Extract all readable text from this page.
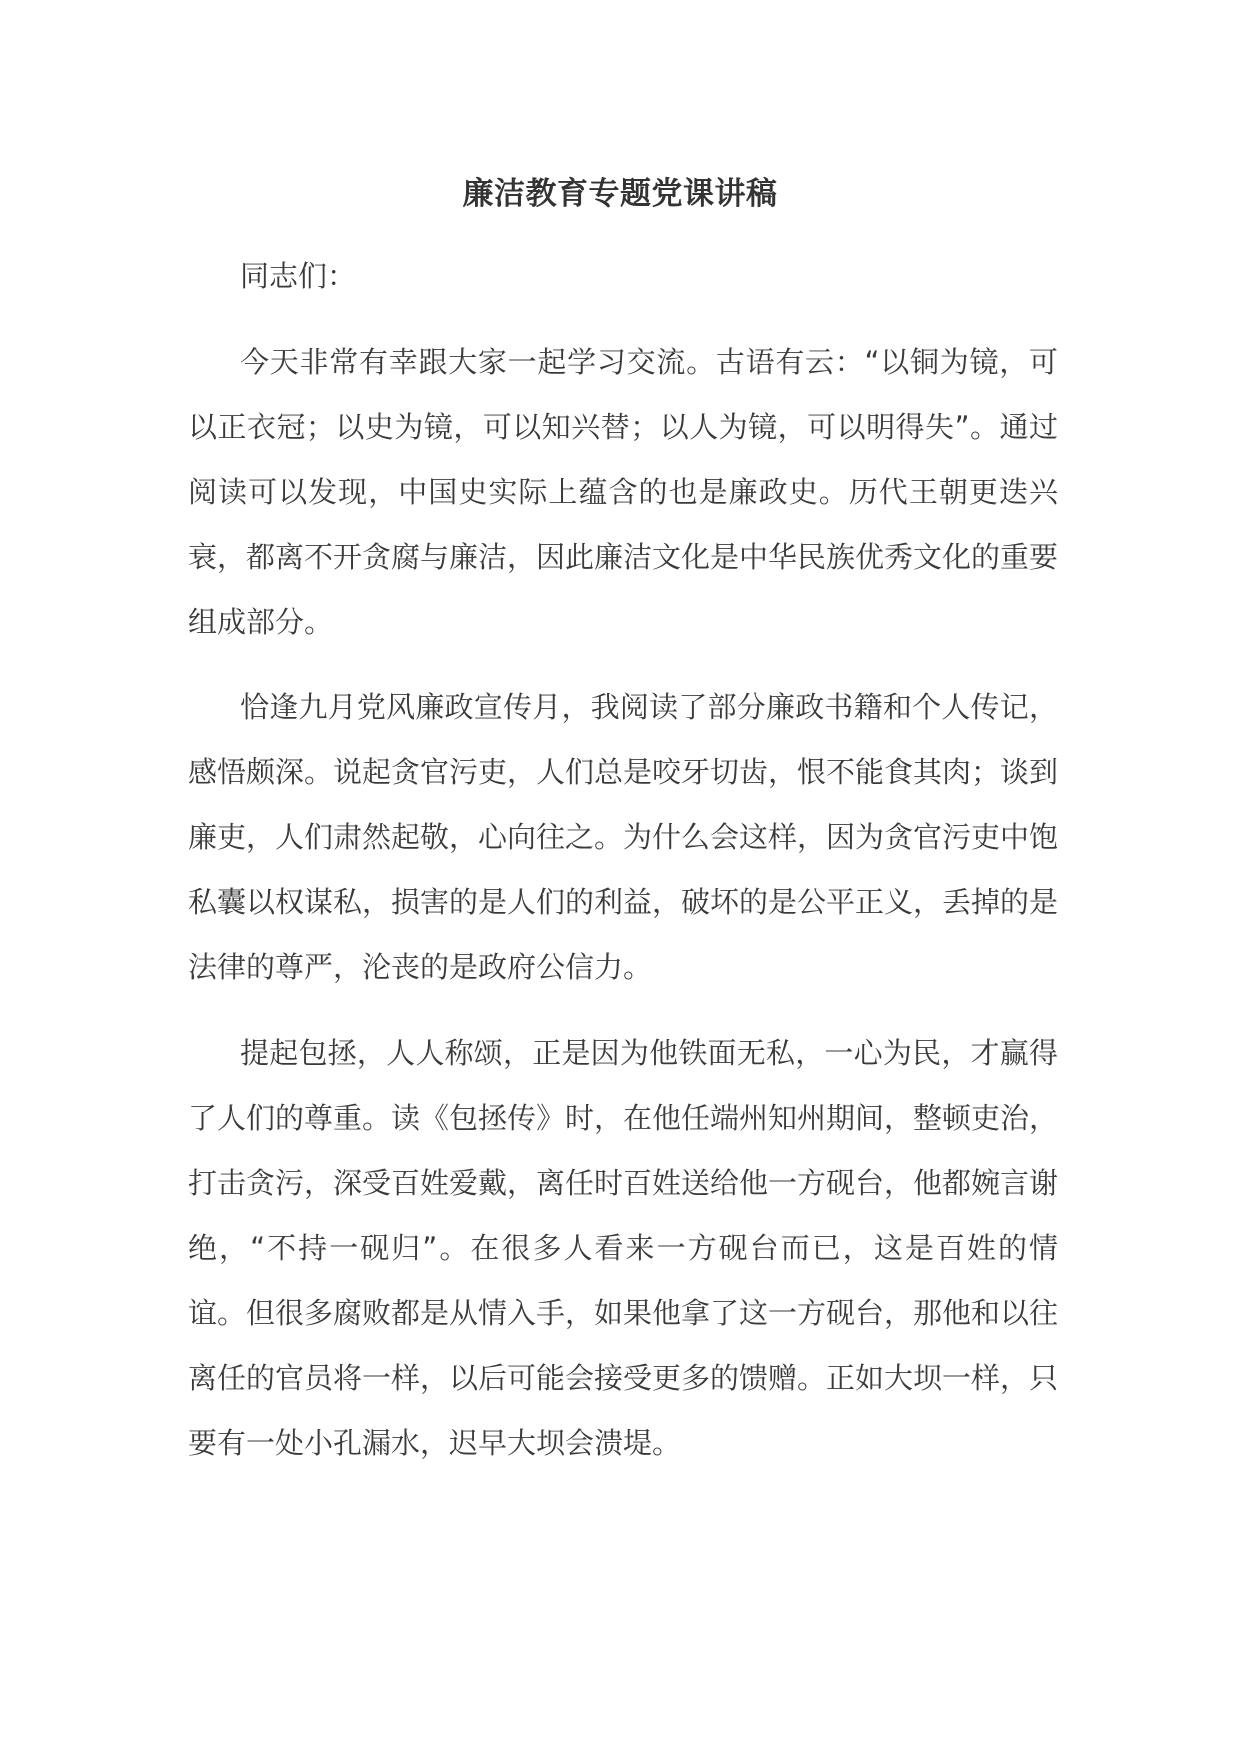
廉洁教育专题党课讲稿
同志们：
今天非常有幸跟大家一起学习交流。古语有云：“以铜为镜，可以正衣冠；以史为镜，可以知兴替；以人为镜，可以明得失”。通过阅读可以发现，中国史实际上蕴含的也是廉政史。历代王朝更迭兴衰，都离不开贪腐与廉洁，因此廉洁文化是中华民族优秀文化的重要组成部分。
恰逢九月党风廉政宣传月，我阅读了部分廉政书籍和个人传记，感悟颇深。说起贪官污吏，人们总是咬牙切齿，恨不能食其肉；谈到廉吏，人们肃然起敬，心向往之。为什么会这样，因为贪官污吏中饱私囊以权谋私，损害的是人们的利益，破坏的是公平正义，丢掉的是法律的尊严，沦丧的是政府公信力。
提起包拯，人人称颂，正是因为他铁面无私，一心为民，才赢得了人们的尊重。读《包拯传》时，在他任端州知州期间，整顿吏治，打击贪污，深受百姓爱戴，离任时百姓送给他一方砚台，他都婉言谢绝，“不持一砚归”。在很多人看来一方砚台而已，这是百姓的情谊。但很多腐败都是从情入手，如果他拿了这一方砚台，那他和以往离任的官员将一样，以后可能会接受更多的馈赠。正如大坝一样，只要有一处小孔漏水，迟早大坝会溃堤。
